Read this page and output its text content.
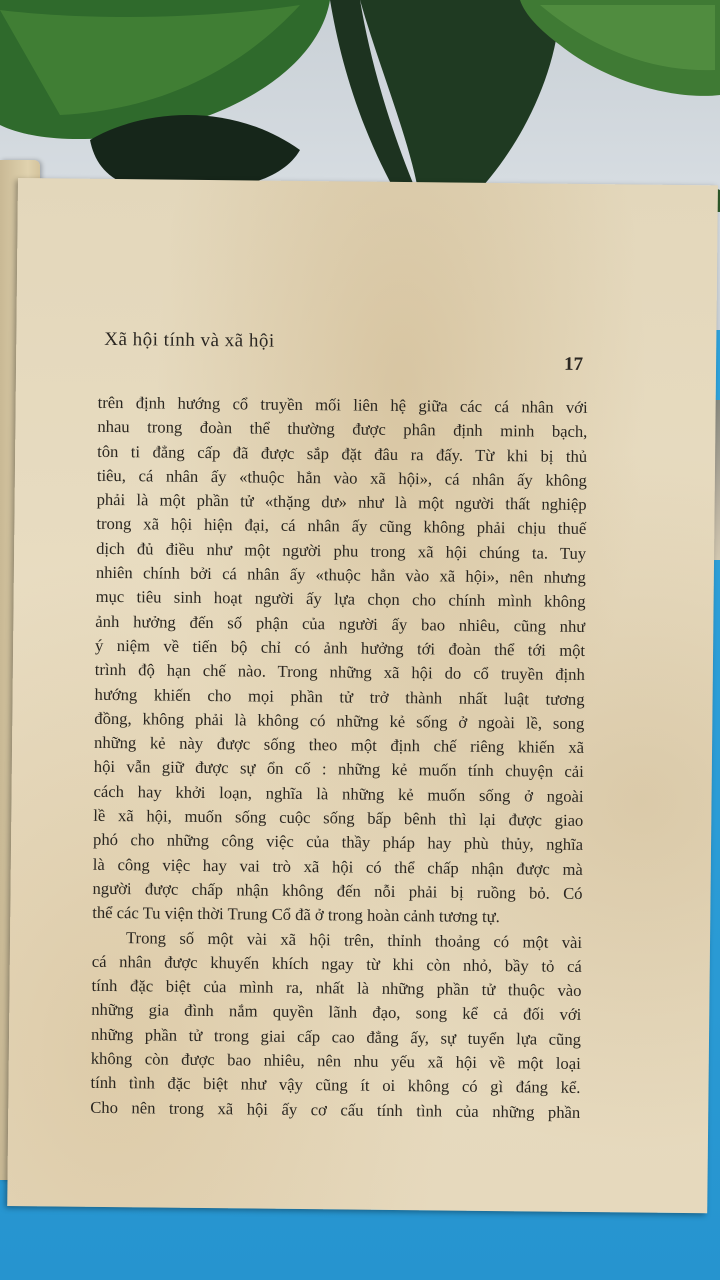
Xã hội tính và xã hội
17
trên định hướng cổ truyền mối liên hệ giữa các cá nhân với
nhau trong đoàn thể thường được phân định minh bạch,
tôn ti đẳng cấp đã được sắp đặt đâu ra đấy. Từ khi bị thủ
tiêu, cá nhân ấy «thuộc hẳn vào xã hội», cá nhân ấy không
phải là một phần tử «thặng dư» như là một người thất nghiệp
trong xã hội hiện đại, cá nhân ấy cũng không phải chịu thuế
dịch đủ điều như một người phu trong xã hội chúng ta. Tuy
nhiên chính bởi cá nhân ấy «thuộc hẳn vào xã hội», nên nhưng
mục tiêu sinh hoạt người ấy lựa chọn cho chính mình không
ảnh hưởng đến số phận của người ấy bao nhiêu, cũng như
ý niệm về tiến bộ chỉ có ảnh hưởng tới đoàn thể tới một
trình độ hạn chế nào. Trong những xã hội do cổ truyền định
hướng khiến cho mọi phần tử trở thành nhất luật tương
đồng, không phải là không có những kẻ sống ở ngoài lề, song
những kẻ này được sống theo một định chế riêng khiến xã
hội vẫn giữ được sự ổn cố : những kẻ muốn tính chuyện cải
cách hay khởi loạn, nghĩa là những kẻ muốn sống ở ngoài
lề xã hội, muốn sống cuộc sống bấp bênh thì lại được giao
phó cho những công việc của thầy pháp hay phù thủy, nghĩa
là công việc hay vai trò xã hội có thể chấp nhận được mà
người được chấp nhận không đến nỗi phải bị ruồng bỏ. Có
thể các Tu viện thời Trung Cổ đã ở trong hoàn cảnh tương tự.
Trong số một vài xã hội trên, thỉnh thoảng có một vài
cá nhân được khuyến khích ngay từ khi còn nhỏ, bầy tỏ cá
tính đặc biệt của mình ra, nhất là những phần tử thuộc vào
những gia đình nắm quyền lãnh đạo, song kể cả đối với
những phần tử trong giai cấp cao đẳng ấy, sự tuyển lựa cũng
không còn được bao nhiêu, nên nhu yếu xã hội về một loại
tính tình đặc biệt như vậy cũng ít oi không có gì đáng kể.
Cho nên trong xã hội ấy cơ cấu tính tình của những phần
